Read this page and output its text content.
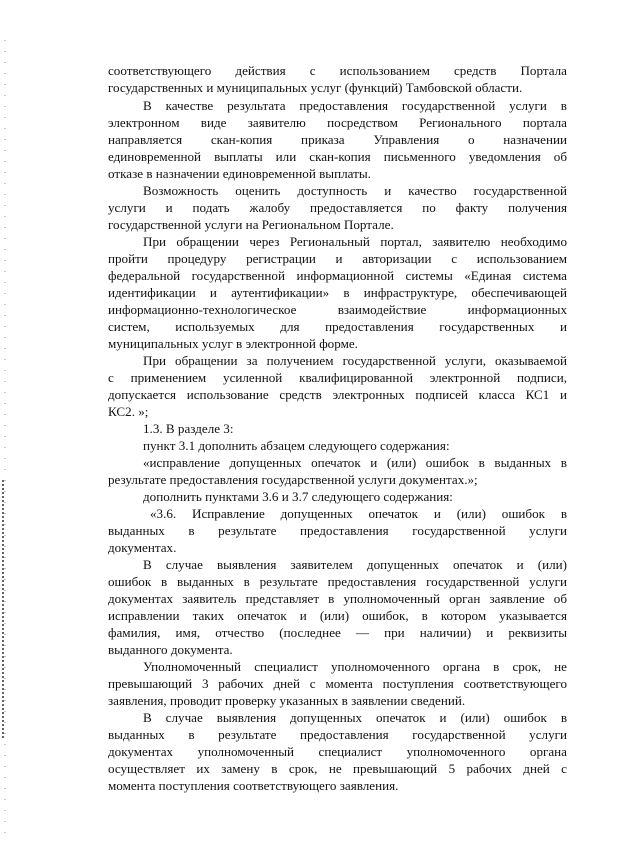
соответствующего действия с использованием средств Портала
государственных и муниципальных услуг (функций) Тамбовской области.
В качестве результата предоставления государственной услуги в
электронном виде заявителю посредством Регионального портала
направляется скан-копия приказа Управления о назначении
единовременной выплаты или скан-копия письменного уведомления об
отказе в назначении единовременной выплаты.
Возможность оценить доступность и качество государственной
услуги и подать жалобу предоставляется по факту получения
государственной услуги на Региональном Портале.
При обращении через Региональный портал, заявителю необходимо
пройти процедуру регистрации и авторизации с использованием
федеральной государственной информационной системы «Единая система
идентификации и аутентификации» в инфраструктуре, обеспечивающей
информационно-технологическое взаимодействие информационных
систем, используемых для предоставления государственных и
муниципальных услуг в электронной форме.
При обращении за получением государственной услуги, оказываемой
с применением усиленной квалифицированной электронной подписи,
допускается использование средств электронных подписей класса КС1 и
КС2. »;
1.3. В разделе 3:
пункт 3.1 дополнить абзацем следующего содержания:
«исправление допущенных опечаток и (или) ошибок в выданных в
результате предоставления государственной услуги документах.»;
дополнить пунктами 3.6 и 3.7 следующего содержания:
«3.6. Исправление допущенных опечаток и (или) ошибок в
выданных в результате предоставления государственной услуги
документах.
В случае выявления заявителем допущенных опечаток и (или)
ошибок в выданных в результате предоставления государственной услуги
документах заявитель представляет в уполномоченный орган заявление об
исправлении таких опечаток и (или) ошибок, в котором указывается
фамилия, имя, отчество (последнее — при наличии) и реквизиты
выданного документа.
Уполномоченный специалист уполномоченного органа в срок, не
превышающий 3 рабочих дней с момента поступления соответствующего
заявления, проводит проверку указанных в заявлении сведений.
В случае выявления допущенных опечаток и (или) ошибок в
выданных в результате предоставления государственной услуги
документах уполномоченный специалист уполномоченного органа
осуществляет их замену в срок, не превышающий 5 рабочих дней с
момента поступления соответствующего заявления.
